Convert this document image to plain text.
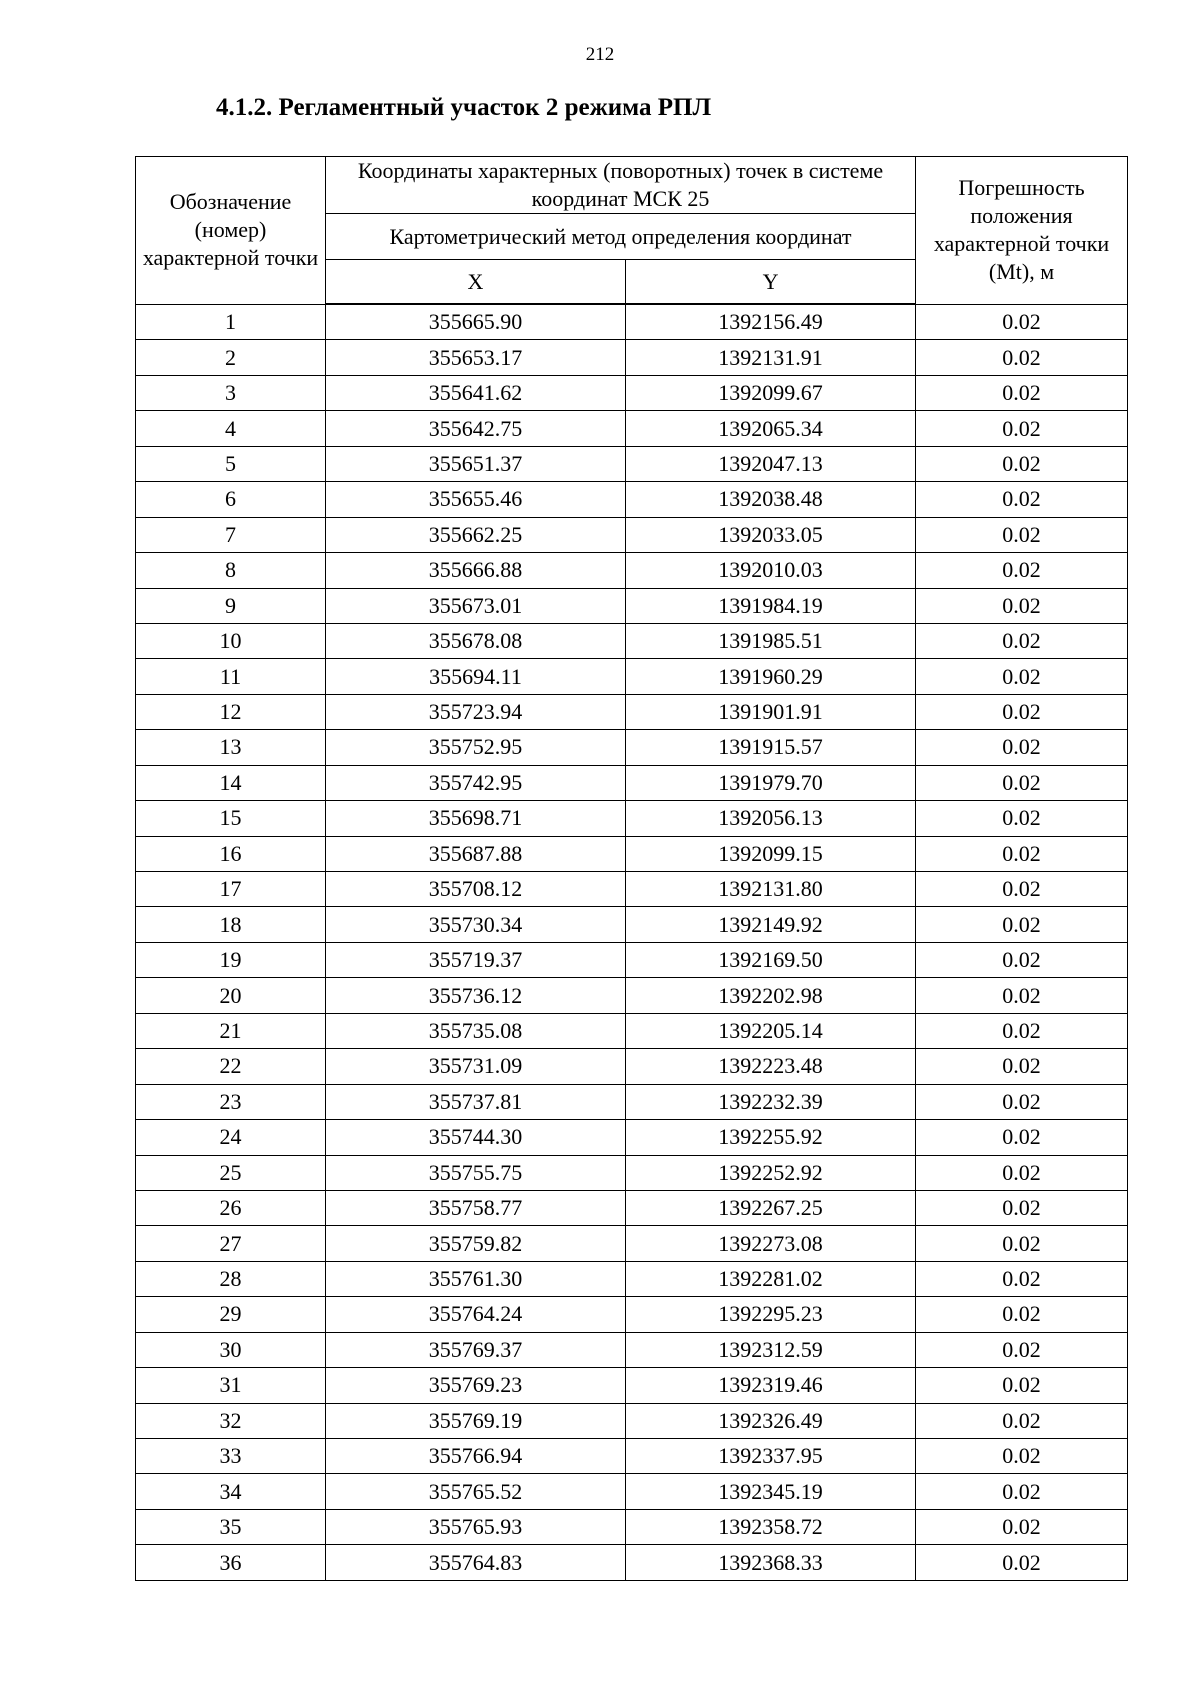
212
4.1.2. Регламентный участок 2 режима РПЛ
Обозначение (номер) характерной точки	Координаты характерных (поворотных) точек в системе координат МСК 25		Погрешность положения характерной точки (Mt), м
	Картометрический метод определения координат		
	X	Y	
1	355665.90	1392156.49	0.02
2	355653.17	1392131.91	0.02
3	355641.62	1392099.67	0.02
4	355642.75	1392065.34	0.02
5	355651.37	1392047.13	0.02
6	355655.46	1392038.48	0.02
7	355662.25	1392033.05	0.02
8	355666.88	1392010.03	0.02
9	355673.01	1391984.19	0.02
10	355678.08	1391985.51	0.02
11	355694.11	1391960.29	0.02
12	355723.94	1391901.91	0.02
13	355752.95	1391915.57	0.02
14	355742.95	1391979.70	0.02
15	355698.71	1392056.13	0.02
16	355687.88	1392099.15	0.02
17	355708.12	1392131.80	0.02
18	355730.34	1392149.92	0.02
19	355719.37	1392169.50	0.02
20	355736.12	1392202.98	0.02
21	355735.08	1392205.14	0.02
22	355731.09	1392223.48	0.02
23	355737.81	1392232.39	0.02
24	355744.30	1392255.92	0.02
25	355755.75	1392252.92	0.02
26	355758.77	1392267.25	0.02
27	355759.82	1392273.08	0.02
28	355761.30	1392281.02	0.02
29	355764.24	1392295.23	0.02
30	355769.37	1392312.59	0.02
31	355769.23	1392319.46	0.02
32	355769.19	1392326.49	0.02
33	355766.94	1392337.95	0.02
34	355765.52	1392345.19	0.02
35	355765.93	1392358.72	0.02
36	355764.83	1392368.33	0.02
